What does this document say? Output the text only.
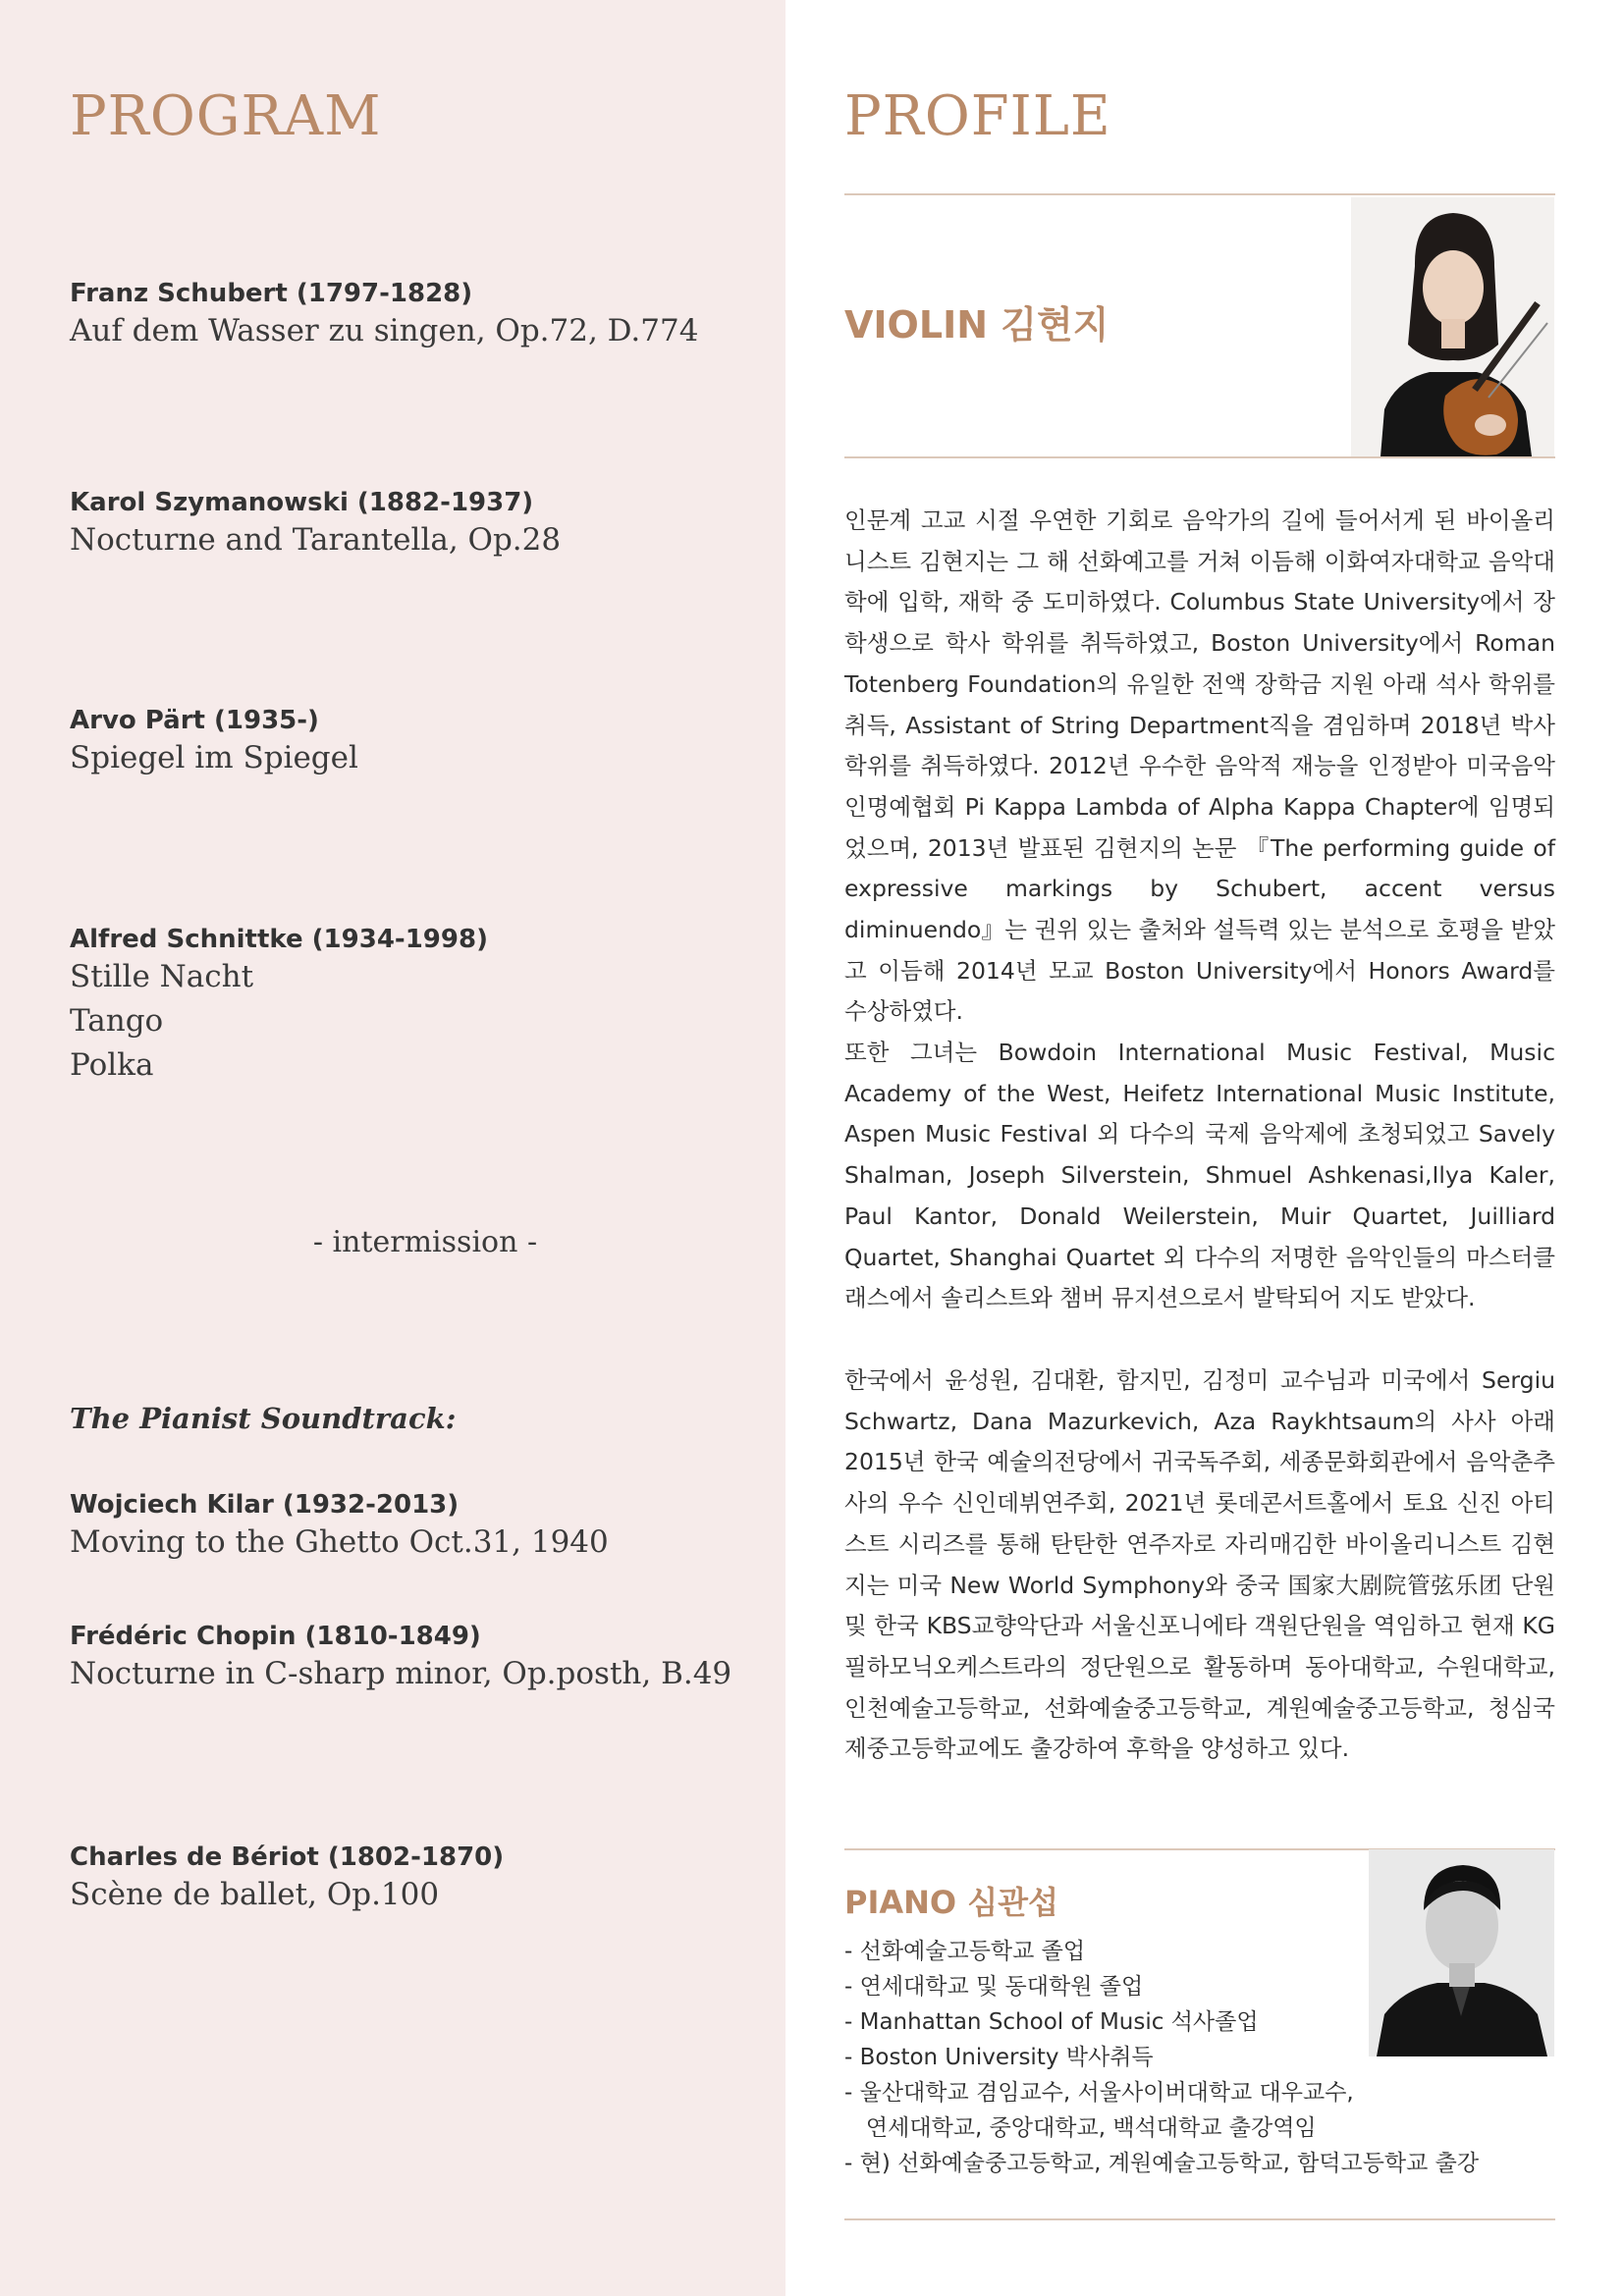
PROGRAM

Franz Schubert (1797-1828)

Auf dem Wasser zu singen, Op.72, D.774

Karol Szymanowski (1882-1937)

Nocturne and Tarantella, Op.28

Arvo Pärt (1935-)

Spiegel im Spiegel

Alfred Schnittke (1934-1998)

Stille Nacht

Tango

Polka

- intermission -
The Pianist Soundtrack:

Wojciech Kilar (1932-2013)

Moving to the Ghetto Oct.31, 1940

Frédéric Chopin (1810-1849)

Nocturne in C-sharp minor, Op.posth, B.49

Charles de Bériot (1802-1870)

Scène de ballet, Op.100

PROFILE
VIOLIN 김현지

인문계 고교 시절 우연한 기회로 음악가의 길에 들어서게 된 바이올리니스트 김현지는 그 해 선화예고를 거쳐 이듬해 이화여자대학교 음악대학에 입학, 재학 중 도미하였다. Columbus State University에서 장학생으로 학사 학위를 취득하였고, Boston University에서 Roman Totenberg Foundation의 유일한 전액 장학금 지원 아래 석사 학위를 취득, Assistant of String Department직을 겸임하며 2018년 박사 학위를 취득하였다. 2012년 우수한 음악적 재능을 인정받아 미국음악인명예협회 Pi Kappa Lambda of Alpha Kappa Chapter에 임명되었으며, 2013년 발표된 김현지의 논문 『The performing guide of expressive markings by Schubert, accent versus diminuendo』는 권위 있는 출처와 설득력 있는 분석으로 호평을 받았고 이듬해 2014년 모교 Boston University에서 Honors Award를 수상하였다.

또한 그녀는 Bowdoin International Music Festival, Music Academy of the West, Heifetz International Music Institute, Aspen Music Festival 외 다수의 국제 음악제에 초청되었고 Savely Shalman, Joseph Silverstein, Shmuel Ashkenasi,Ilya Kaler, Paul Kantor, Donald Weilerstein, Muir Quartet, Juilliard Quartet, Shanghai Quartet 외 다수의 저명한 음악인들의 마스터클래스에서 솔리스트와 챔버 뮤지션으로서 발탁되어 지도 받았다.

한국에서 윤성원, 김대환, 함지민, 김정미 교수님과 미국에서 Sergiu Schwartz, Dana Mazurkevich, Aza Raykhtsaum의 사사 아래 2015년 한국 예술의전당에서 귀국독주회, 세종문화회관에서 음악춘추사의 우수 신인데뷔연주회, 2021년 롯데콘서트홀에서 토요 신진 아티스트 시리즈를 통해 탄탄한 연주자로 자리매김한 바이올리니스트 김현지는 미국 New World Symphony와 중국 国家大剧院管弦乐团 단원 및 한국 KBS교향악단과 서울신포니에타 객원단원을 역임하고 현재 KG필하모닉오케스트라의 정단원으로 활동하며 동아대학교, 수원대학교, 인천예술고등학교, 선화예술중고등학교, 계원예술중고등학교, 청심국제중고등학교에도 출강하여 후학을 양성하고 있다.

PIANO 심관섭
- 선화예술고등학교 졸업
- 연세대학교 및 동대학원 졸업
- Manhattan School of Music 석사졸업
- Boston University 박사취득
- 울산대학교 겸임교수, 서울사이버대학교 대우교수,
연세대학교, 중앙대학교, 백석대학교 출강역임
- 현) 선화예술중고등학교, 계원예술고등학교, 함덕고등학교 출강
